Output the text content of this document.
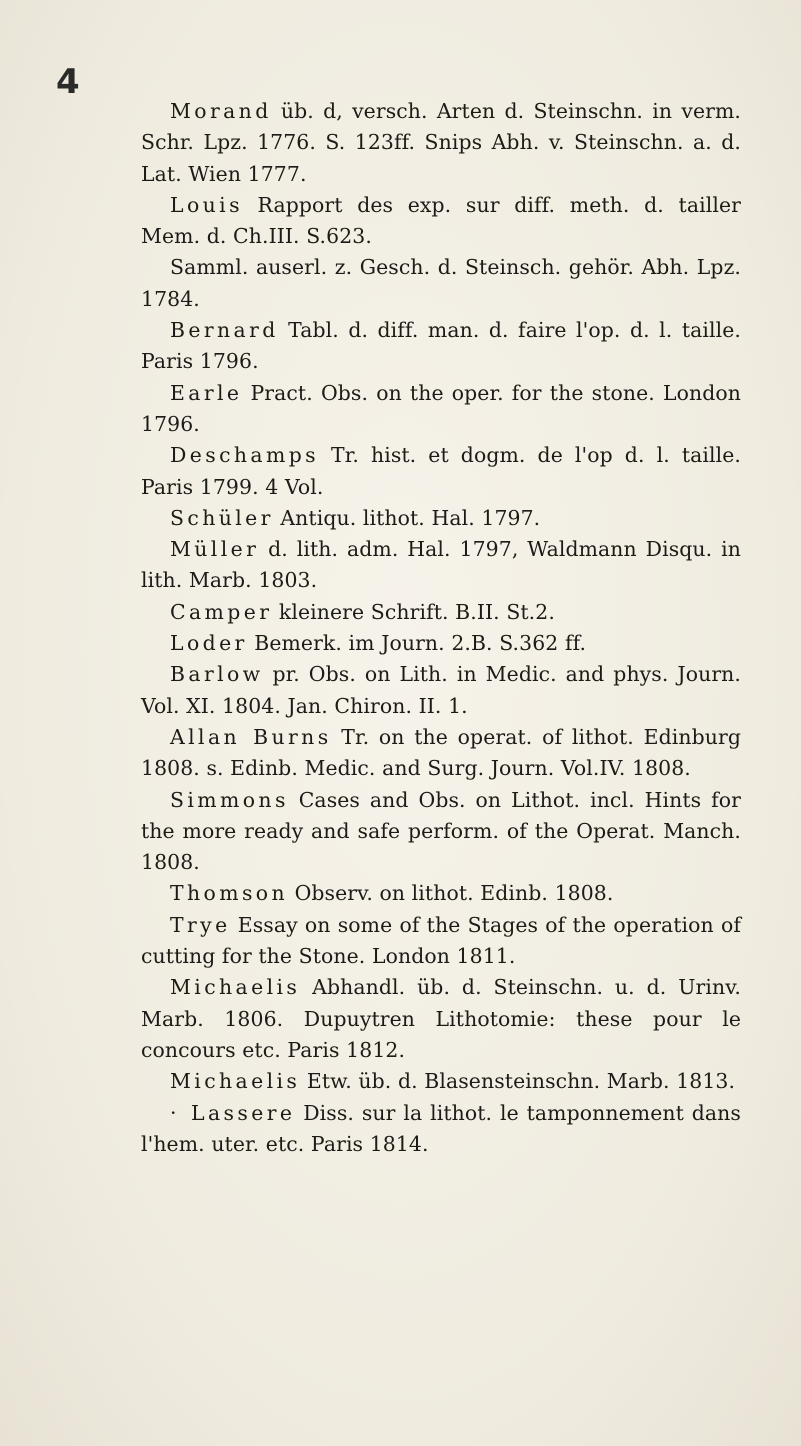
4

Morand üb. d, versch. Arten d. Steinschn. in verm. Schr. Lpz. 1776. S. 123ff. Snips Abh. v. Steinschn. a. d. Lat. Wien 1777.

Louis Rapport des exp. sur diff. meth. d. tailler Mem. d. Ch.III. S.623.

Samml. auserl. z. Gesch. d. Steinsch. gehör. Abh. Lpz. 1784.

Bernard Tabl. d. diff. man. d. faire l'op. d. l. taille. Paris 1796.

Earle Pract. Obs. on the oper. for the stone. London 1796.

Deschamps Tr. hist. et dogm. de l'op d. l. taille. Paris 1799. 4 Vol.

Schüler Antiqu. lithot. Hal. 1797.

Müller d. lith. adm. Hal. 1797, Waldmann Disqu. in lith. Marb. 1803.

Camper kleinere Schrift. B.II. St.2.

Loder Bemerk. im Journ. 2.B. S.362 ff.

Barlow pr. Obs. on Lith. in Medic. and phys. Journ. Vol. XI. 1804. Jan. Chiron. II. 1.

Allan Burns Tr. on the operat. of lithot. Edinburg 1808. s. Edinb. Medic. and Surg. Journ. Vol.IV. 1808.

Simmons Cases and Obs. on Lithot. incl. Hints for the more ready and safe perform. of the Operat. Manch. 1808.

Thomson Observ. on lithot. Edinb. 1808.

Trye Essay on some of the Stages of the operation of cutting for the Stone. London 1811.

Michaelis Abhandl. üb. d. Steinschn. u. d. Urinv. Marb. 1806. Dupuytren Lithotomie: these pour le concours etc. Paris 1812.

Michaelis Etw. üb. d. Blasensteinschn. Marb. 1813.

· Lassere Diss. sur la lithot. le tamponnement dans l'hem. uter. etc. Paris 1814.
